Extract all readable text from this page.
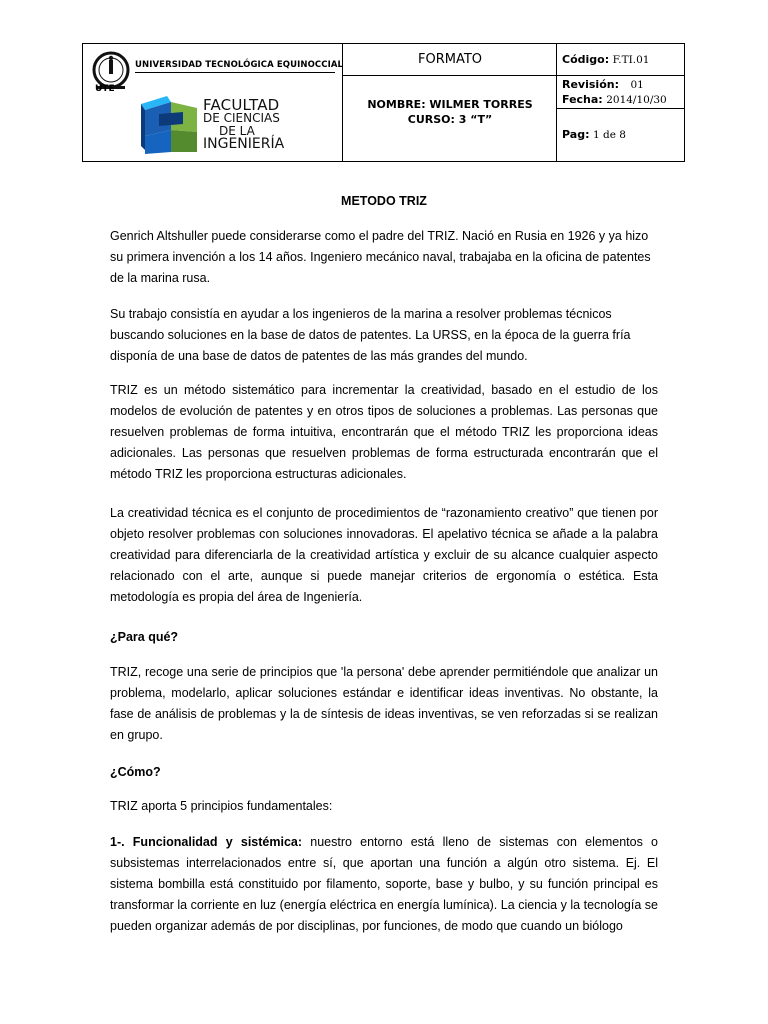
UTE
UNIVERSIDAD TECNOLÓGICA EQUINOCCIAL
FACULTAD
DE CIENCIAS
DE LA
INGENIERÍA
FORMATO
NOMBRE: WILMER TORRES
CURSO: 3 “T”
Código: F.TI.01
Revisión: 01
Fecha: 2014/10/30
Pag: 1 de 8
METODO TRIZ

Genrich Altshuller puede considerarse como el padre del TRIZ. Nació en Rusia en 1926 y ya hizo su primera invención a los 14 años. Ingeniero mecánico naval, trabajaba en la oficina de patentes de la marina rusa.

Su trabajo consistía en ayudar a los ingenieros de la marina a resolver problemas técnicos buscando soluciones en la base de datos de patentes. La URSS, en la época de la guerra fría disponía de una base de datos de patentes de las más grandes del mundo.

TRIZ es un método sistemático para incrementar la creatividad, basado en el estudio de los modelos de evolución de patentes y en otros tipos de soluciones a problemas. Las personas que resuelven problemas de forma intuitiva, encontrarán que el método TRIZ les proporciona ideas adicionales. Las personas que resuelven problemas de forma estructurada encontrarán que el método TRIZ les proporciona estructuras adicionales.

La creatividad técnica es el conjunto de procedimientos de “razonamiento creativo” que tienen por objeto resolver problemas con soluciones innovadoras. El apelativo técnica se añade a la palabra creatividad para diferenciarla de la creatividad artística y excluir de su alcance cualquier aspecto relacionado con el arte, aunque si puede manejar criterios de ergonomía o estética. Esta metodología es propia del área de Ingeniería.

¿Para qué?

TRIZ, recoge una serie de principios que 'la persona' debe aprender permitiéndole que analizar un problema, modelarlo, aplicar soluciones estándar e identificar ideas inventivas. No obstante, la fase de análisis de problemas y la de síntesis de ideas inventivas, se ven reforzadas si se realizan en grupo.

¿Cómo?

TRIZ aporta 5 principios fundamentales:

1-. Funcionalidad y sistémica: nuestro entorno está lleno de sistemas con elementos o subsistemas interrelacionados entre sí, que aportan una función a algún otro sistema. Ej. El sistema bombilla está constituido por filamento, soporte, base y bulbo, y su función principal es transformar la corriente en luz (energía eléctrica en energía lumínica). La ciencia y la tecnología se pueden organizar además de por disciplinas, por funciones, de modo que cuando un biólogo
